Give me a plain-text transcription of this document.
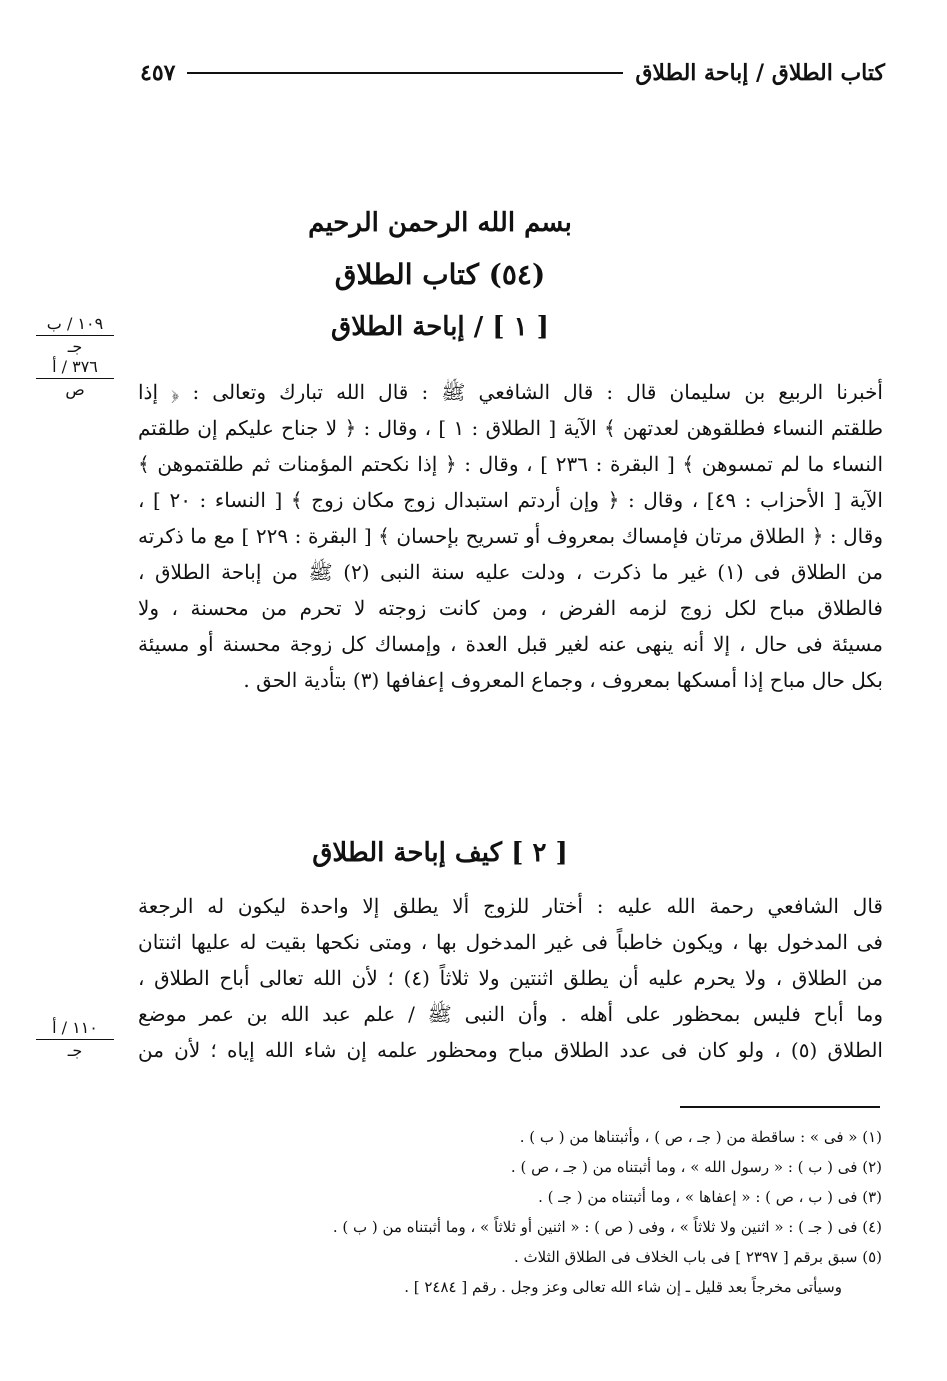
كتاب الطلاق / إباحة الطلاق
٤٥٧
بسم الله الرحمن الرحيم
(٥٤) كتاب الطلاق
[ ١ ] / إباحة الطلاق
١٠٩ / ب
جـ
٣٧٦ / أ
ص	أخبرنا الربيع بن سليمان قال : قال الشافعي ﷺ : قال الله تبارك وتعالى : ﴿ إذا
طلقتم النساء فطلقوهن لعدتهن ﴾ الآية [ الطلاق : ١ ] ، وقال : ﴿ لا جناح عليكم إن طلقتم
النساء ما لم تمسوهن ﴾ [ البقرة : ٢٣٦ ] ، وقال : ﴿ إذا نكحتم المؤمنات ثم طلقتموهن ﴾
الآية [ الأحزاب : ٤٩] ، وقال : ﴿ وإن أردتم استبدال زوج مكان زوج ﴾ [ النساء : ٢٠ ] ،
وقال : ﴿ الطلاق مرتان فإمساك بمعروف أو تسريح بإحسان ﴾ [ البقرة : ٢٢٩ ] مع ما ذكرته
من الطلاق فى (١) غير ما ذكرت ، ودلت عليه سنة النبى (٢) ﷺ من إباحة الطلاق ،
فالطلاق مباح لكل زوج لزمه الفرض ، ومن كانت زوجته لا تحرم من محسنة ، ولا
مسيئة فى حال ، إلا أنه ينهى عنه لغير قبل العدة ، وإمساك كل زوجة محسنة أو مسيئة
بكل حال مباح إذا أمسكها بمعروف ، وجماع المعروف إعفافها (٣) بتأدية الحق .
[ ٢ ] كيف إباحة الطلاق
١١٠ / أ
جـ
قال الشافعي رحمة الله عليه : أختار للزوج ألا يطلق إلا واحدة ليكون له الرجعة
فى المدخول بها ، ويكون خاطباً فى غير المدخول بها ، ومتى نكحها بقيت له عليها اثنتان
من الطلاق ، ولا يحرم عليه أن يطلق اثنتين ولا ثلاثاً (٤) ؛ لأن الله تعالى أباح الطلاق ،
وما أباح فليس بمحظور على أهله . وأن النبى ﷺ / علم عبد الله بن عمر موضع
الطلاق (٥) ، ولو كان فى عدد الطلاق مباح ومحظور علمه إن شاء الله إياه ؛ لأن من
(١) « فى » : ساقطة من ( جـ ، ص ) ، وأثبتناها من ( ب ) .
(٢) فى ( ب ) : « رسول الله » ، وما أثبتناه من ( جـ ، ص ) .
(٣) فى ( ب ، ص ) : « إعفاها » ، وما أثبتناه من ( جـ ) .
(٤) فى ( جـ ) : « اثنين ولا ثلاثاً » ، وفى ( ص ) : « اثنين أو ثلاثاً » ، وما أثبتناه من ( ب ) .
(٥) سبق برقم [ ٢٣٩٧ ] فى باب الخلاف فى الطلاق الثلاث .
وسيأتى مخرجاً بعد قليل ـ إن شاء الله تعالى وعز وجل . رقم [ ٢٤٨٤ ] .
